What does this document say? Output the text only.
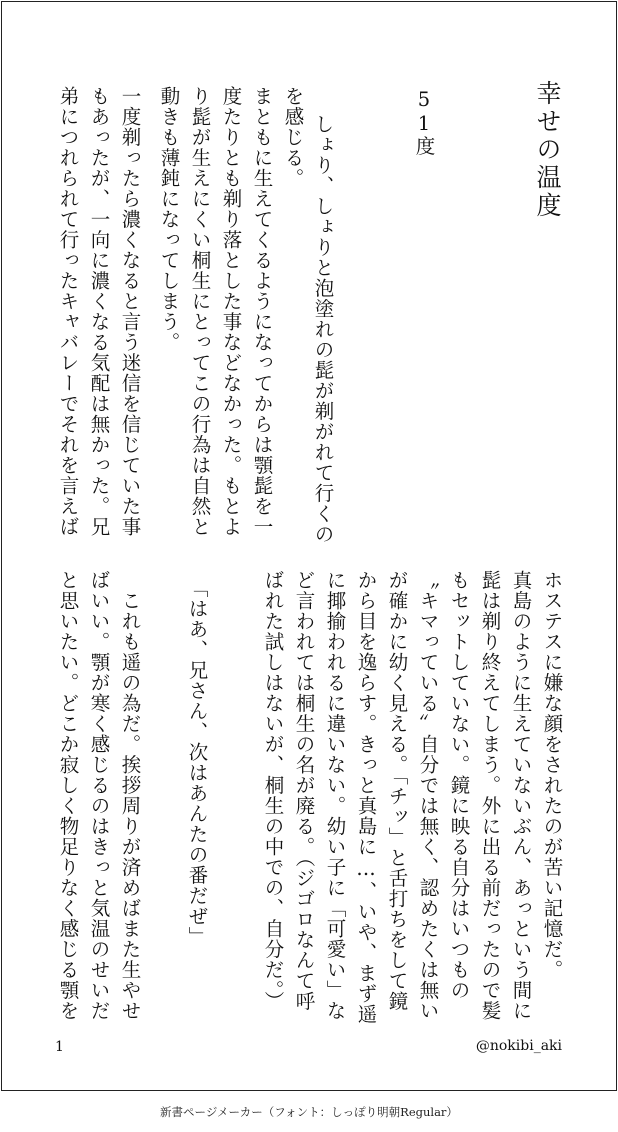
幸せの温度
51度
しょり、しょりと泡塗れの髭が剃がれて行くの
を感じる。
まともに生えてくるようになってからは顎髭を一
度たりとも剃り落とした事などなかった。もとよ
り髭が生えにくい桐生にとってこの行為は自然と
動きも薄鈍になってしまう。
一度剃ったら濃くなると言う迷信を信じていた事
もあったが、一向に濃くなる気配は無かった。兄
弟につれられて行ったキャバレーでそれを言えば
ホステスに嫌な顔をされたのが苦い記憶だ。
真島のように生えていないぶん、あっという間に
髭は剃り終えてしまう。外に出る前だったので髪
もセットしていない。鏡に映る自分はいつもの
〝キマっている〟自分では無く、認めたくは無い
が確かに幼く見える。「チッ」と舌打ちをして鏡
から目を逸らす。きっと真島に…、いや、まず遥
に揶揄われるに違いない。幼い子に「可愛い」な
ど言われては桐生の名が廃る。（ジゴロなんて呼
ばれた試しはないが、桐生の中での、自分だ。）
「はあ、兄さん、次はあんたの番だぜ」
　これも遥の為だ。挨拶周りが済めばまた生やせ
ばいい。顎が寒く感じるのはきっと気温のせいだ
と思いたい。どこか寂しく物足りなく感じる顎を
1	@nokibi_aki
新書ページメーカー（フォント：しっぽり明朝Regular）
